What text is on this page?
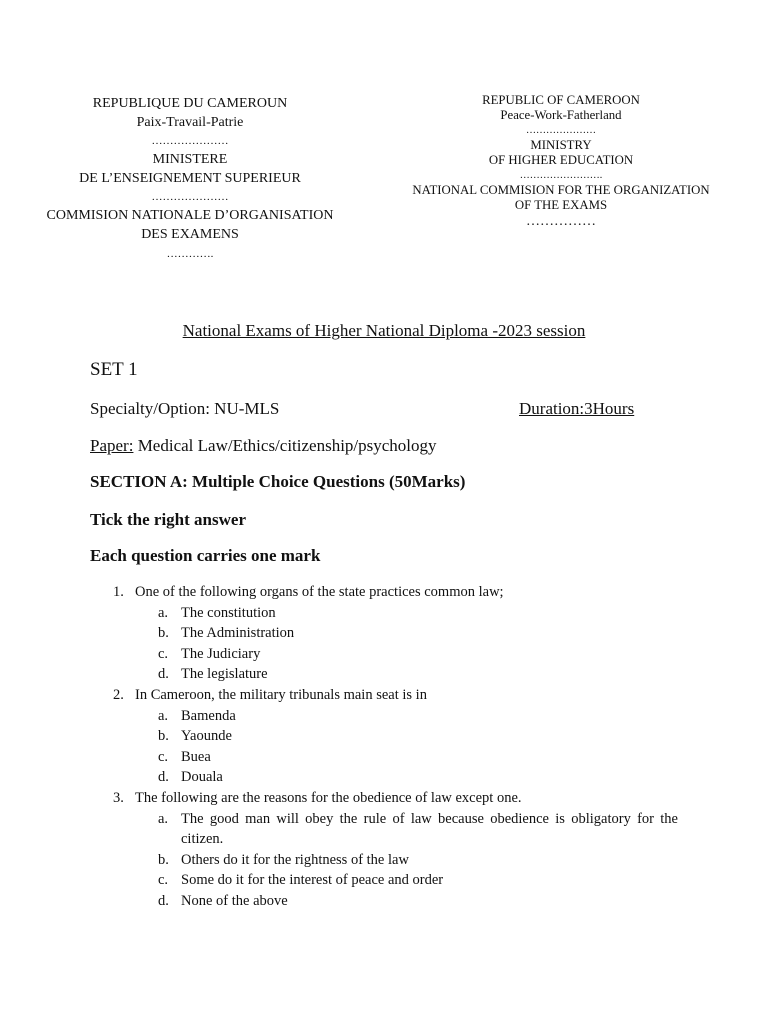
REPUBLIQUE DU CAMEROUN
Paix-Travail-Patrie
…………………
MINISTERE
DE L’ENSEIGNEMENT SUPERIEUR
…………………
COMMISION NATIONALE D’ORGANISATION
DES EXAMENS
………….
REPUBLIC OF CAMEROON
Peace-Work-Fatherland
…………………
MINISTRY
OF HIGHER EDUCATION
…………………….
NATIONAL COMMISION FOR THE ORGANIZATION
OF THE EXAMS
……………
National Exams of Higher National Diploma -2023 session
SET 1
Specialty/Option: NU-MLS	Duration:3Hours
Paper: Medical Law/Ethics/citizenship/psychology
SECTION A: Multiple Choice Questions (50Marks)
Tick the right answer
Each question carries one mark
1. One of the following organs of the state practices common law;
a. The constitution
b. The Administration
c. The Judiciary
d. The legislature
2. In Cameroon, the military tribunals main seat is in
a. Bamenda
b. Yaounde
c. Buea
d. Douala
3. The following are the reasons for the obedience of law except one.
a. The good man will obey the rule of law because obedience is obligatory for the citizen.
b. Others do it for the rightness of the law
c. Some do it for the interest of peace and order
d. None of the above
